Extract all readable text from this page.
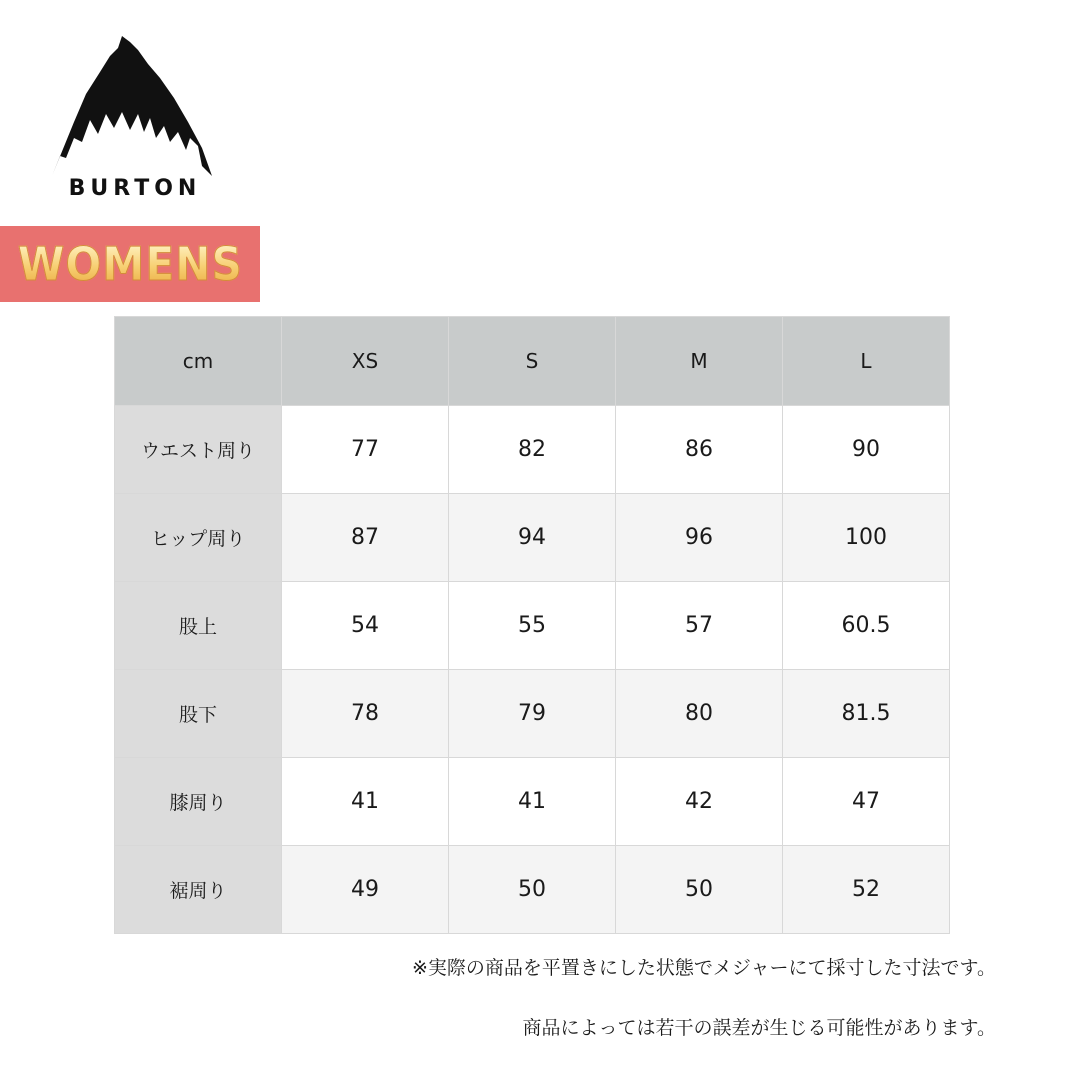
BURTON
WOMENS
cm	XS	S	M	L
ウエスト周り	77	82	86	90
ヒップ周り	87	94	96	100
股上	54	55	57	60.5
股下	78	79	80	81.5
膝周り	41	41	42	47
裾周り	49	50	50	52
※実際の商品を平置きにした状態でメジャーにて採寸した寸法です。
商品によっては若干の誤差が生じる可能性があります。
